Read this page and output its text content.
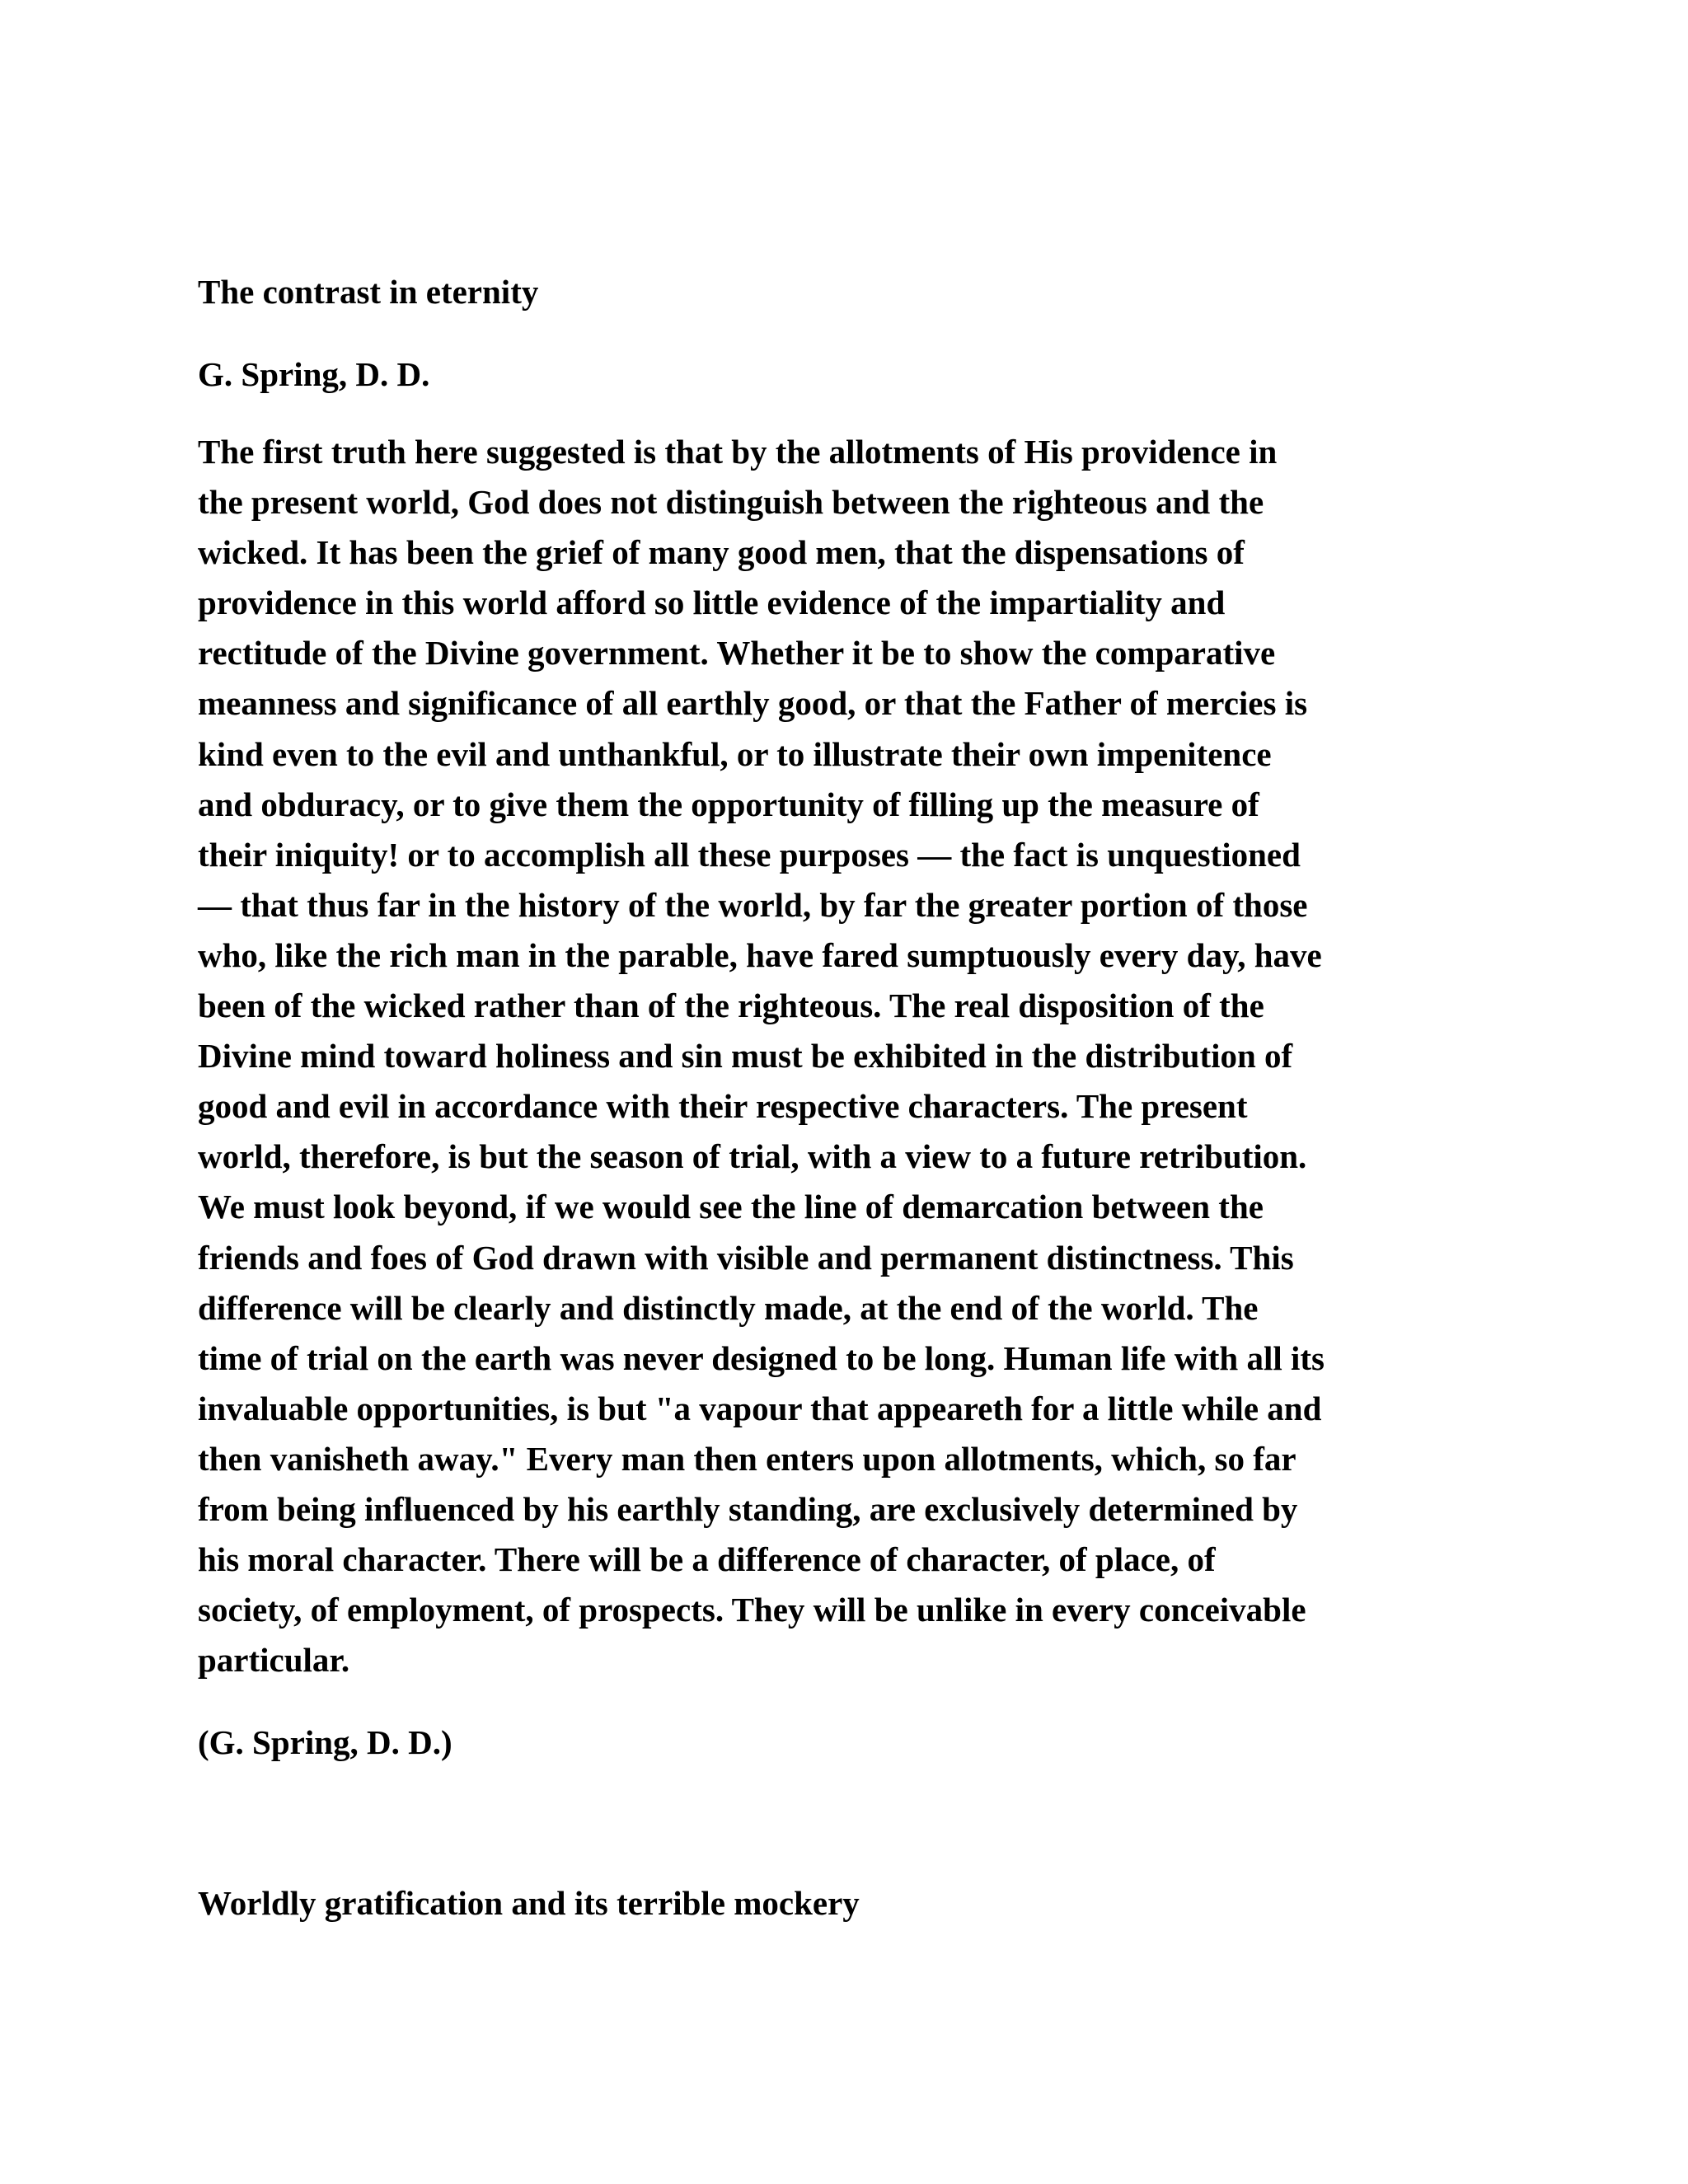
The contrast in eternity

G. Spring, D. D.

The first truth here suggested is that by the allotments of His providence in
the present world, God does not distinguish between the righteous and the
wicked. It has been the grief of many good men, that the dispensations of
providence in this world afford so little evidence of the impartiality and
rectitude of the Divine government. Whether it be to show the comparative
meanness and significance of all earthly good, or that the Father of mercies is
kind even to the evil and unthankful, or to illustrate their own impenitence
and obduracy, or to give them the opportunity of filling up the measure of
their iniquity! or to accomplish all these purposes — the fact is unquestioned
— that thus far in the history of the world, by far the greater portion of those
who, like the rich man in the parable, have fared sumptuously every day, have
been of the wicked rather than of the righteous. The real disposition of the
Divine mind toward holiness and sin must be exhibited in the distribution of
good and evil in accordance with their respective characters. The present
world, therefore, is but the season of trial, with a view to a future retribution.
We must look beyond, if we would see the line of demarcation between the
friends and foes of God drawn with visible and permanent distinctness. This
difference will be clearly and distinctly made, at the end of the world. The
time of trial on the earth was never designed to be long. Human life with all its
invaluable opportunities, is but "a vapour that appeareth for a little while and
then vanisheth away." Every man then enters upon allotments, which, so far
from being influenced by his earthly standing, are exclusively determined by
his moral character. There will be a difference of character, of place, of
society, of employment, of prospects. They will be unlike in every conceivable
particular.

(G. Spring, D. D.)

Worldly gratification and its terrible mockery
